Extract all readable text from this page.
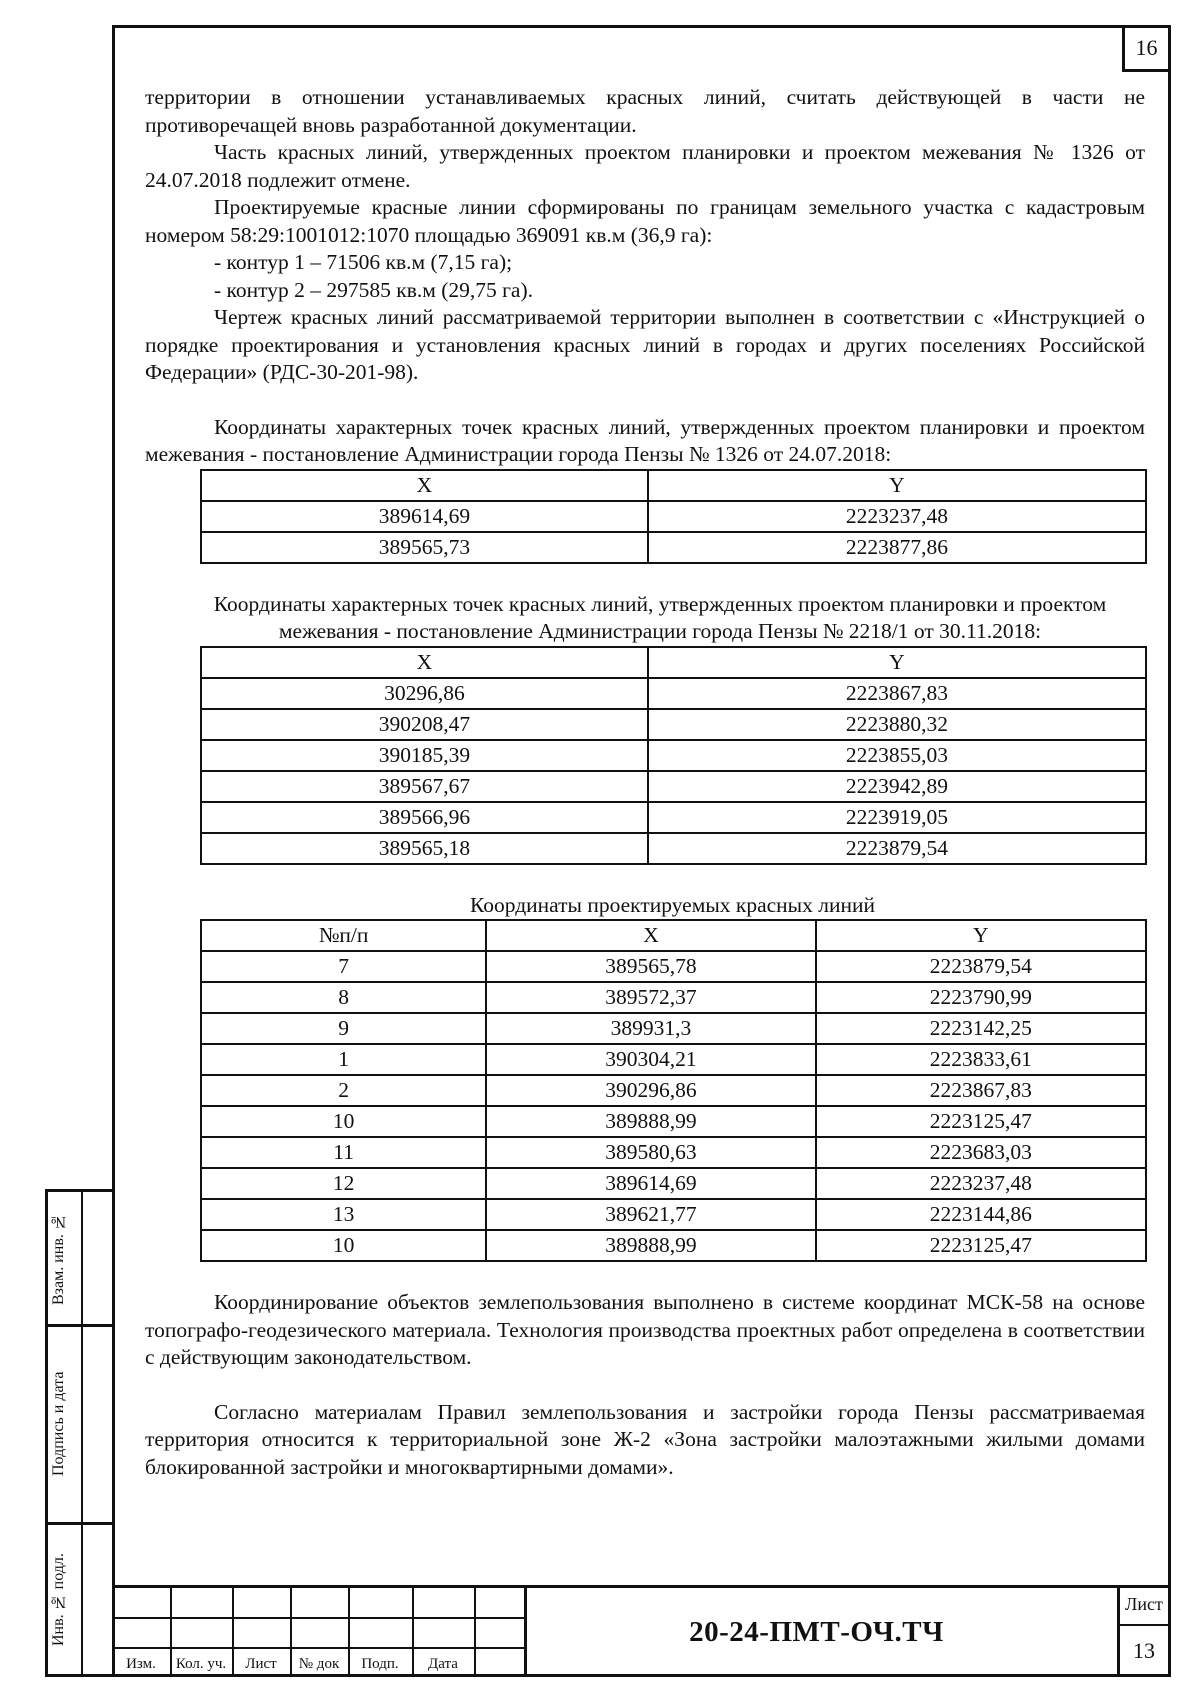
16

территории в отношении устанавливаемых красных линий, считать действующей в части не противоречащей вновь разработанной документации.

Часть красных линий, утвержденных проектом планировки и проектом межевания № 1326 от 24.07.2018 подлежит отмене.

Проектируемые красные линии сформированы по границам земельного участка с кадастровым номером 58:29:1001012:1070 площадью 369091 кв.м (36,9 га):

- контур 1 – 71506 кв.м (7,15 га);

- контур 2 – 297585 кв.м (29,75 га).

Чертеж красных линий рассматриваемой территории выполнен в соответствии с «Инструкцией о порядке проектирования и установления красных линий в городах и других поселениях Российской Федерации» (РДС-30-201-98).

Координаты характерных точек красных линий, утвержденных проектом планировки и проектом межевания - постановление Администрации города Пензы № 1326 от 24.07.2018:

X	Y
389614,69	2223237,48
389565,73	2223877,86

Координаты характерных точек красных линий, утвержденных проектом планировки и проектом межевания - постановление Администрации города Пензы № 2218/1 от 30.11.2018:

X	Y
30296,86	2223867,83
390208,47	2223880,32
390185,39	2223855,03
389567,67	2223942,89
389566,96	2223919,05
389565,18	2223879,54

Координаты проектируемых красных линий

№п/п	X	Y
7	389565,78	2223879,54
8	389572,37	2223790,99
9	389931,3	2223142,25
1	390304,21	2223833,61
2	390296,86	2223867,83
10	389888,99	2223125,47
11	389580,63	2223683,03
12	389614,69	2223237,48
13	389621,77	2223144,86
10	389888,99	2223125,47

Координирование объектов землепользования выполнено в системе координат МСК-58 на основе топографо-геодезического материала. Технология производства проектных работ определена в соответствии с действующим законодательством.

Согласно материалам Правил землепользования и застройки города Пензы рассматриваемая территория относится к территориальной зоне Ж-2 «Зона застройки малоэтажными жилыми домами блокированной застройки и многоквартирными домами».

Взам. инв. №
Подпись и дата
Инв. № подл.
Изм.	Кол. уч.	Лист	№ док	Подп.	Дата
20-24-ПМТ-ОЧ.ТЧ
Лист
13
